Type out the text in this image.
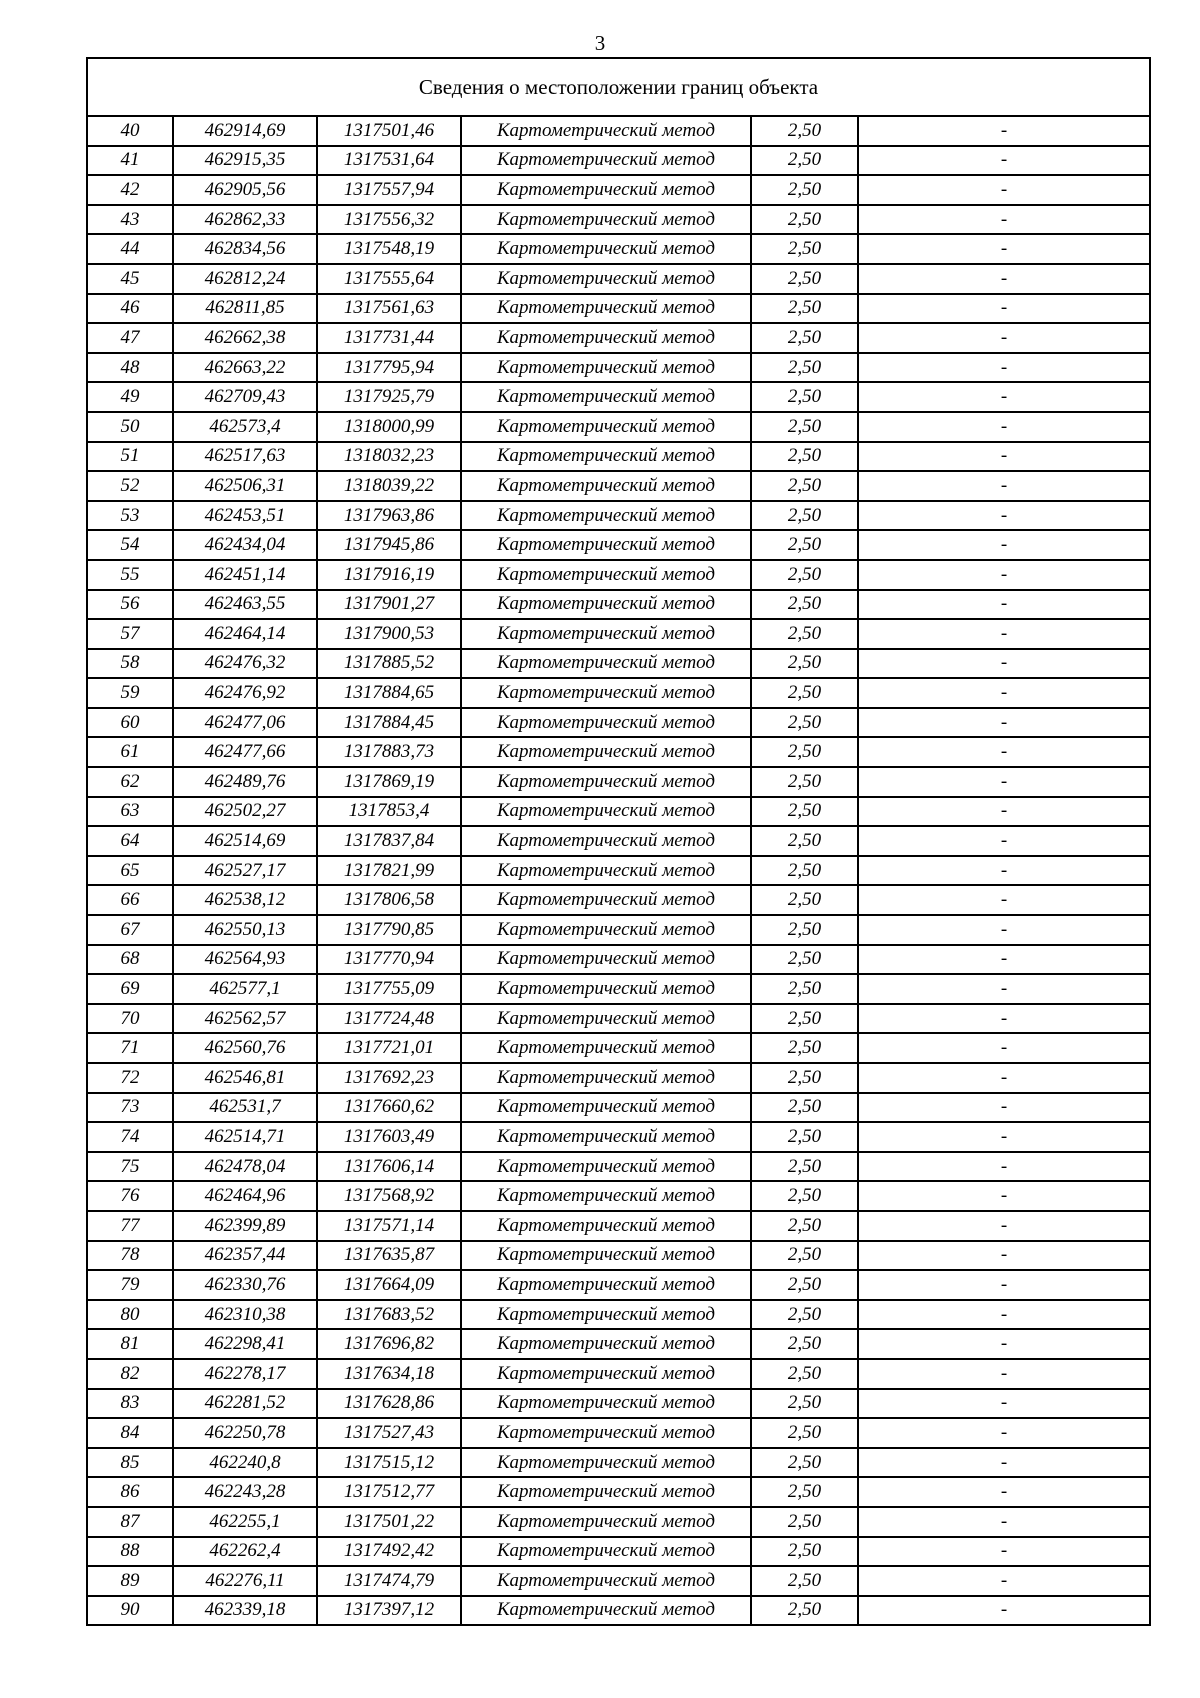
3
Сведения о местоположении границ объекта					
40	462914,69	1317501,46	Картометрический метод	2,50	-
41	462915,35	1317531,64	Картометрический метод	2,50	-
42	462905,56	1317557,94	Картометрический метод	2,50	-
43	462862,33	1317556,32	Картометрический метод	2,50	-
44	462834,56	1317548,19	Картометрический метод	2,50	-
45	462812,24	1317555,64	Картометрический метод	2,50	-
46	462811,85	1317561,63	Картометрический метод	2,50	-
47	462662,38	1317731,44	Картометрический метод	2,50	-
48	462663,22	1317795,94	Картометрический метод	2,50	-
49	462709,43	1317925,79	Картометрический метод	2,50	-
50	462573,4	1318000,99	Картометрический метод	2,50	-
51	462517,63	1318032,23	Картометрический метод	2,50	-
52	462506,31	1318039,22	Картометрический метод	2,50	-
53	462453,51	1317963,86	Картометрический метод	2,50	-
54	462434,04	1317945,86	Картометрический метод	2,50	-
55	462451,14	1317916,19	Картометрический метод	2,50	-
56	462463,55	1317901,27	Картометрический метод	2,50	-
57	462464,14	1317900,53	Картометрический метод	2,50	-
58	462476,32	1317885,52	Картометрический метод	2,50	-
59	462476,92	1317884,65	Картометрический метод	2,50	-
60	462477,06	1317884,45	Картометрический метод	2,50	-
61	462477,66	1317883,73	Картометрический метод	2,50	-
62	462489,76	1317869,19	Картометрический метод	2,50	-
63	462502,27	1317853,4	Картометрический метод	2,50	-
64	462514,69	1317837,84	Картометрический метод	2,50	-
65	462527,17	1317821,99	Картометрический метод	2,50	-
66	462538,12	1317806,58	Картометрический метод	2,50	-
67	462550,13	1317790,85	Картометрический метод	2,50	-
68	462564,93	1317770,94	Картометрический метод	2,50	-
69	462577,1	1317755,09	Картометрический метод	2,50	-
70	462562,57	1317724,48	Картометрический метод	2,50	-
71	462560,76	1317721,01	Картометрический метод	2,50	-
72	462546,81	1317692,23	Картометрический метод	2,50	-
73	462531,7	1317660,62	Картометрический метод	2,50	-
74	462514,71	1317603,49	Картометрический метод	2,50	-
75	462478,04	1317606,14	Картометрический метод	2,50	-
76	462464,96	1317568,92	Картометрический метод	2,50	-
77	462399,89	1317571,14	Картометрический метод	2,50	-
78	462357,44	1317635,87	Картометрический метод	2,50	-
79	462330,76	1317664,09	Картометрический метод	2,50	-
80	462310,38	1317683,52	Картометрический метод	2,50	-
81	462298,41	1317696,82	Картометрический метод	2,50	-
82	462278,17	1317634,18	Картометрический метод	2,50	-
83	462281,52	1317628,86	Картометрический метод	2,50	-
84	462250,78	1317527,43	Картометрический метод	2,50	-
85	462240,8	1317515,12	Картометрический метод	2,50	-
86	462243,28	1317512,77	Картометрический метод	2,50	-
87	462255,1	1317501,22	Картометрический метод	2,50	-
88	462262,4	1317492,42	Картометрический метод	2,50	-
89	462276,11	1317474,79	Картометрический метод	2,50	-
90	462339,18	1317397,12	Картометрический метод	2,50	-
